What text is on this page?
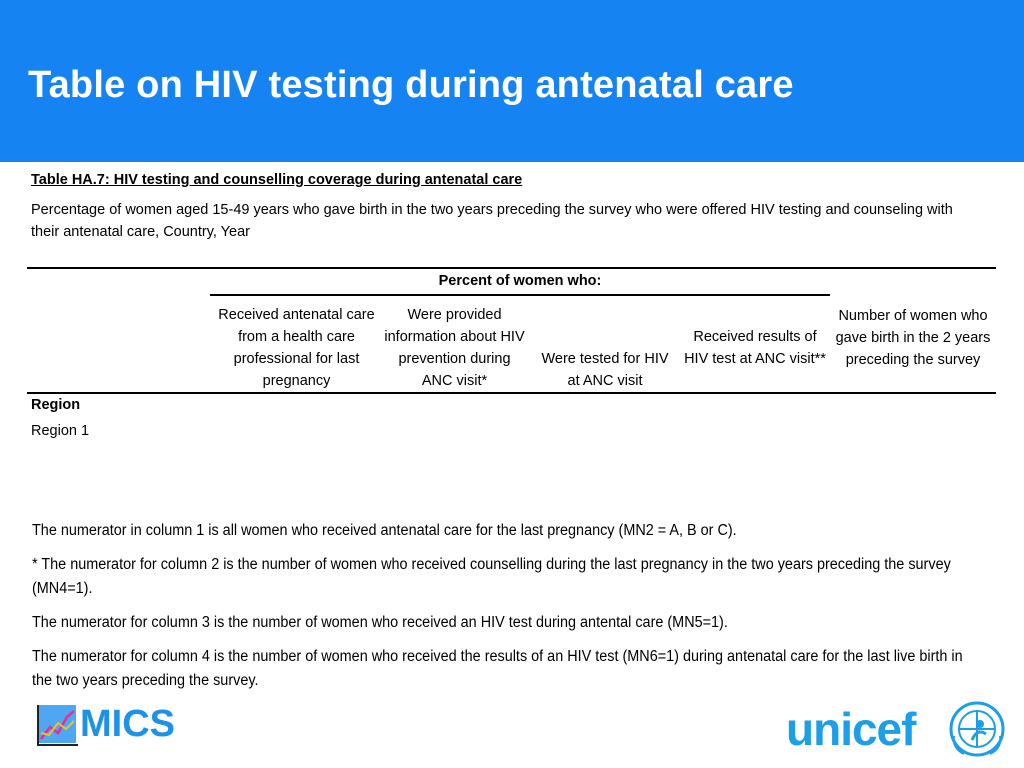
Table on HIV testing during antenatal care

Table HA.7: HIV testing and counselling coverage during antenatal care

Percentage of women aged 15-49 years who gave birth in the two years preceding the survey who were offered HIV testing and counseling with their antenatal care, Country, Year

Percent of women who:
Received antenatal care from a health care professional for last pregnancy
Were provided information about HIV prevention during ANC visit*
Were tested for HIV at ANC visit
Received results of HIV test at ANC visit**
Number of women who gave birth in the 2 years preceding the survey
Region
Region 1

The numerator in column 1 is all women who received antenatal care for the last pregnancy (MN2 = A, B or C).

* The numerator for column 2 is the number of women who received counselling during the last pregnancy in the two years preceding the survey (MN4=1).

The numerator for column 3 is the number of women who received an HIV test during antental care (MN5=1).

The numerator for column 4 is the number of women who received the results of an HIV test (MN6=1) during antenatal care for the last live birth in the two years preceding the survey.

MICS	unicef
